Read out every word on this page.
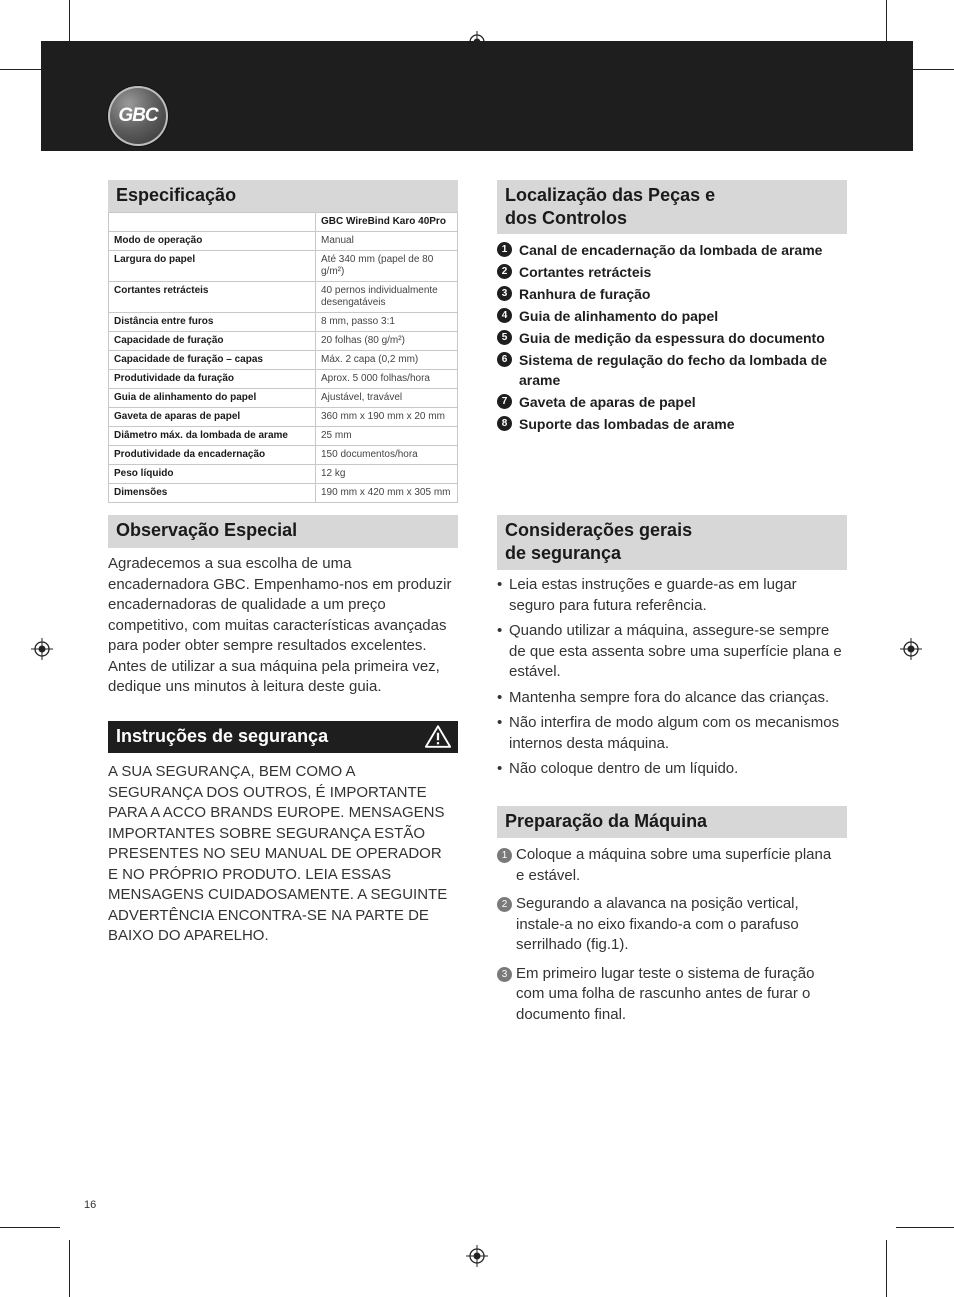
GBC
Especificação
	GBC WireBind Karo 40Pro
Modo de operação	Manual
Largura do papel	Até 340 mm (papel de 80 g/m²)
Cortantes retrácteis	40 pernos individualmente desengatáveis
Distância entre furos	8 mm, passo 3:1
Capacidade de furação	20 folhas (80 g/m²)
Capacidade de furação – capas	Máx. 2 capa (0,2 mm)
Produtividade da furação	Aprox. 5 000 folhas/hora
Guia de alinhamento do papel	Ajustável, travável
Gaveta de aparas de papel	360 mm x 190 mm x 20 mm
Diâmetro máx. da lombada de arame	25 mm
Produtividade da encadernação	150 documentos/hora
Peso líquido	12 kg
Dimensões	190 mm x 420 mm x 305 mm
Localização das Peças e
dos Controlos
1 Canal de encadernação da lombada de arame
2 Cortantes retrácteis
3 Ranhura de furação
4 Guia de alinhamento do papel
5 Guia de medição da espessura do documento
6 Sistema de regulação do fecho da lombada de arame
7 Gaveta de aparas de papel
8 Suporte das lombadas de arame
Observação Especial

Agradecemos a sua escolha de uma encadernadora GBC. Empenhamo-nos em produzir encadernadoras de qualidade a um preço competitivo, com muitas características avançadas para poder obter sempre resultados excelentes. Antes de utilizar a sua máquina pela primeira vez, dedique uns minutos à leitura deste guia.

Instruções de segurança

A SUA SEGURANÇA, BEM COMO A SEGURANÇA DOS OUTROS, É IMPORTANTE PARA A ACCO BRANDS EUROPE. MENSAGENS IMPORTANTES SOBRE SEGURANÇA ESTÃO PRESENTES NO SEU MANUAL DE OPERADOR E NO PRÓPRIO PRODUTO. LEIA ESSAS MENSAGENS CUIDADOSAMENTE. A SEGUINTE ADVERTÊNCIA ENCONTRA-SE NA PARTE DE BAIXO DO APARELHO.

Considerações gerais
de segurança
• Leia estas instruções e guarde-as em lugar seguro para futura referência.
• Quando utilizar a máquina, assegure-se sempre de que esta assenta sobre uma superfície plana e estável.
• Mantenha sempre fora do alcance das crianças.
• Não interfira de modo algum com os mecanismos internos desta máquina.
• Não coloque dentro de um líquido.
Preparação da Máquina
1 Coloque a máquina sobre uma superfície plana e estável.
2 Segurando a alavanca na posição vertical, instale-a no eixo fixando-a com o parafuso serrilhado (fig.1).
3 Em primeiro lugar teste o sistema de furação com uma folha de rascunho antes de furar o documento final.
16
